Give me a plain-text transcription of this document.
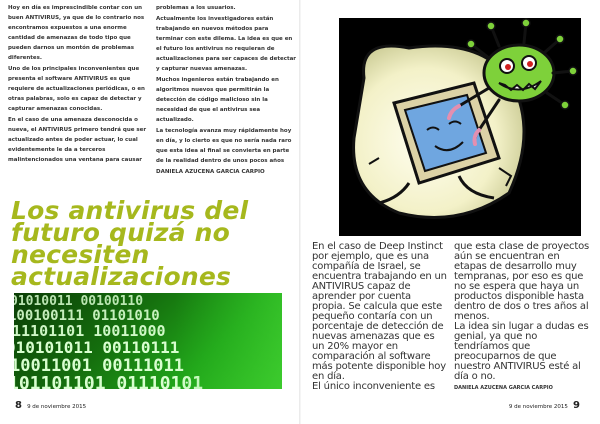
Hoy en día es imprescindible contar con un buen ANTIVIRUS, ya que de lo contrario nos encontramos expuestos a una enorme cantidad de amenazas de todo tipo que pueden darnos un montón de problemas diferentes.

Uno de los principales inconvenientes que presenta el software ANTIVIRUS es que requiere de actualizaciones periódicas, o en otras palabras, solo es capaz de detectar y capturar amenazas conocidas.

En el caso de una amenaza desconocida o nueva, el ANTIVIRUS primero tendrá que ser actualizado antes de poder actuar, lo cual evidentemente le da a terceros malintencionados una ventana para causar

problemas a los usuarios.

Actualmente los investigadores están trabajando en nuevos métodos para terminar con este dilema. La idea es que en el futuro los antivirus no requieran de actualizaciones para ser capaces de detectar y capturar nuevas amenazas.

Muchos ingenieros están trabajando en algoritmos nuevos que permitirán la detección de código malicioso sin la necesidad de que el antivirus sea actualizado.

La tecnología avanza muy rápidamente hoy en día, y lo cierto es que no sería nada raro que esta idea al final se convierta en parte de la realidad dentro de unos pocos años

DANIELA AZUCENA GARCIA CARPIO

Los antivirus del
futuro quizá no
necesiten
actualizaciones
8 9 de noviembre 2015

En el caso de Deep Instinct por ejemplo, que es una compañía de Israel, se encuentra trabajando en un ANTIVIRUS capaz de aprender por cuenta propia. Se calcula que este pequeño contaría con un porcentaje de detección de nuevas amenazas que es un 20% mayor en comparación al software más potente disponible hoy en día.

El único inconveniente es

que esta clase de proyectos aún se encuentran en etapas de desarrollo muy tempranas, por eso es que no se espera que haya un productos disponible hasta dentro de dos o tres años al menos.

La idea sin lugar a dudas es genial, ya que no tendríamos que preocuparnos de que nuestro ANTIVIRUS esté al día o no.

DANIELA AZUCENA GARCIA CARPIO

9 de noviembre 2015 9
